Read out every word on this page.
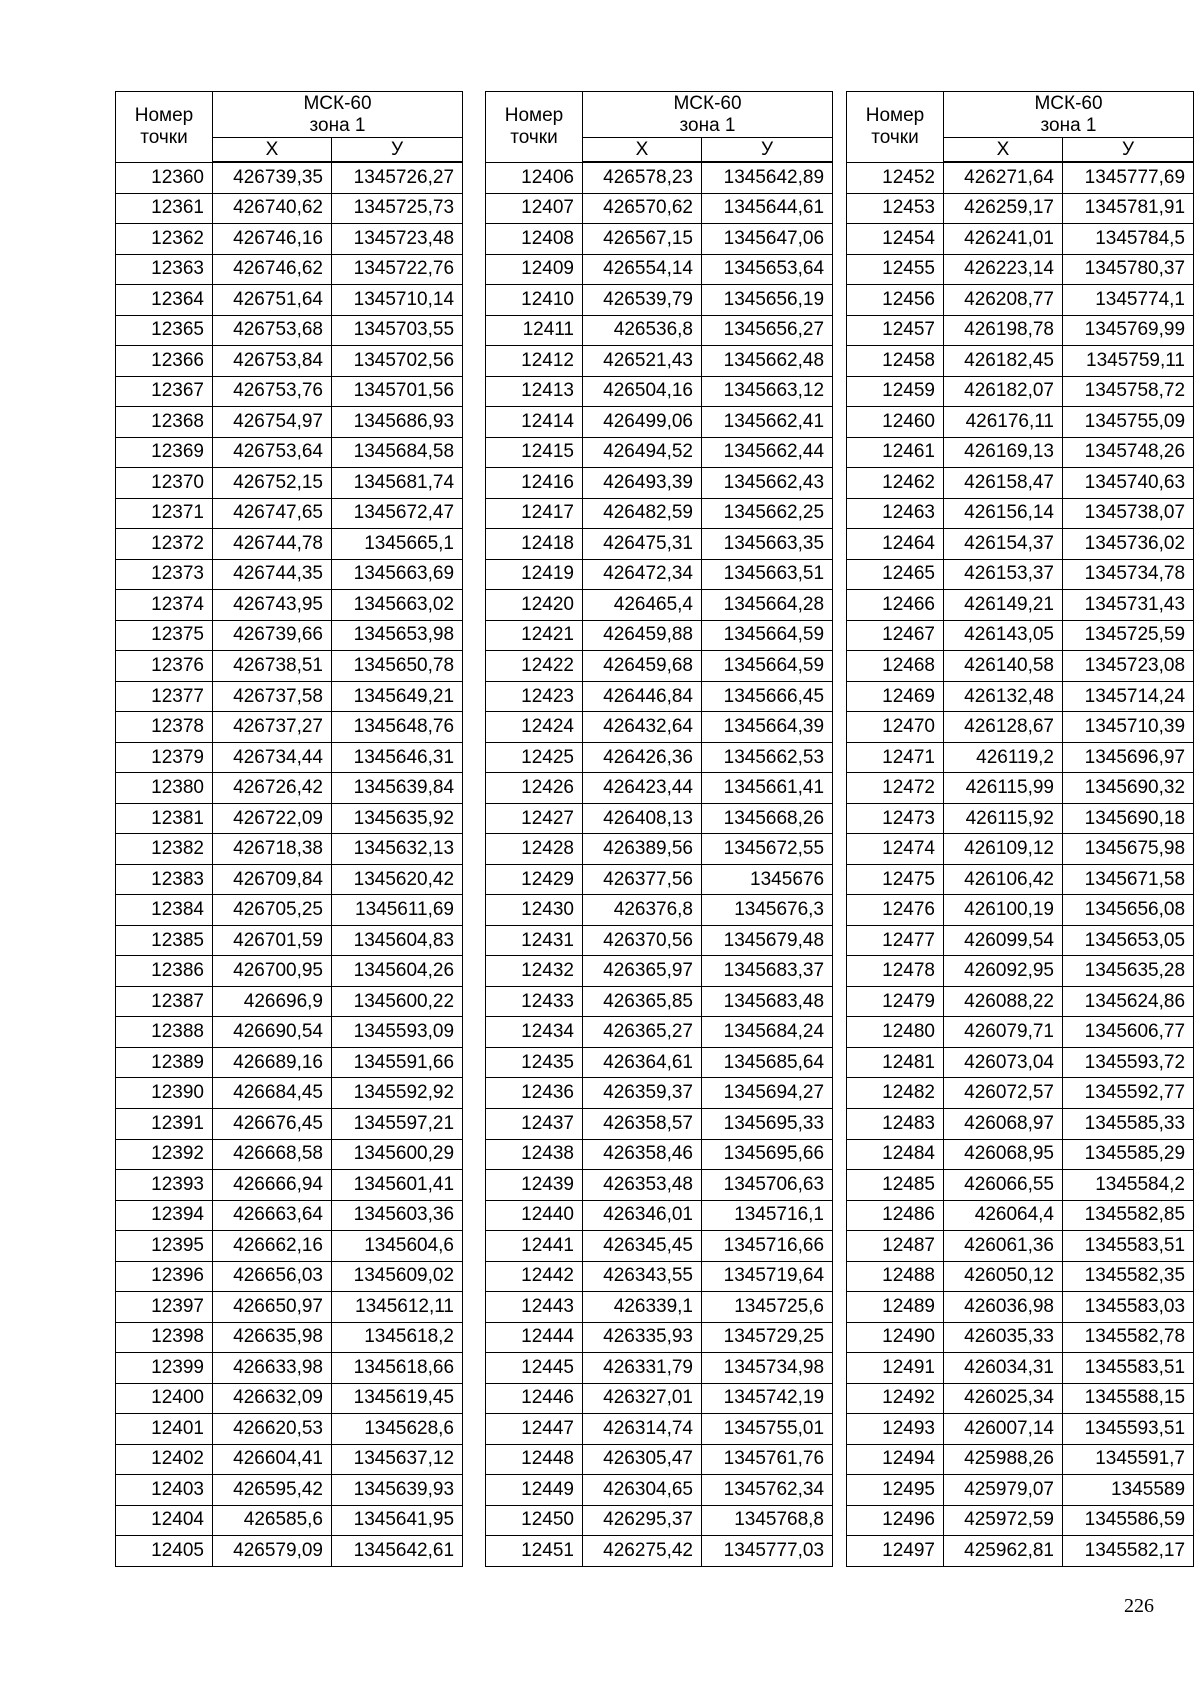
Номер
точки	МСК-60
зона 1	
	X	У
12360	426739,35	1345726,27
12361	426740,62	1345725,73
12362	426746,16	1345723,48
12363	426746,62	1345722,76
12364	426751,64	1345710,14
12365	426753,68	1345703,55
12366	426753,84	1345702,56
12367	426753,76	1345701,56
12368	426754,97	1345686,93
12369	426753,64	1345684,58
12370	426752,15	1345681,74
12371	426747,65	1345672,47
12372	426744,78	1345665,1
12373	426744,35	1345663,69
12374	426743,95	1345663,02
12375	426739,66	1345653,98
12376	426738,51	1345650,78
12377	426737,58	1345649,21
12378	426737,27	1345648,76
12379	426734,44	1345646,31
12380	426726,42	1345639,84
12381	426722,09	1345635,92
12382	426718,38	1345632,13
12383	426709,84	1345620,42
12384	426705,25	1345611,69
12385	426701,59	1345604,83
12386	426700,95	1345604,26
12387	426696,9	1345600,22
12388	426690,54	1345593,09
12389	426689,16	1345591,66
12390	426684,45	1345592,92
12391	426676,45	1345597,21
12392	426668,58	1345600,29
12393	426666,94	1345601,41
12394	426663,64	1345603,36
12395	426662,16	1345604,6
12396	426656,03	1345609,02
12397	426650,97	1345612,11
12398	426635,98	1345618,2
12399	426633,98	1345618,66
12400	426632,09	1345619,45
12401	426620,53	1345628,6
12402	426604,41	1345637,12
12403	426595,42	1345639,93
12404	426585,6	1345641,95
12405	426579,09	1345642,61
Номер
точки	МСК-60
зона 1	
	X	У
12406	426578,23	1345642,89
12407	426570,62	1345644,61
12408	426567,15	1345647,06
12409	426554,14	1345653,64
12410	426539,79	1345656,19
12411	426536,8	1345656,27
12412	426521,43	1345662,48
12413	426504,16	1345663,12
12414	426499,06	1345662,41
12415	426494,52	1345662,44
12416	426493,39	1345662,43
12417	426482,59	1345662,25
12418	426475,31	1345663,35
12419	426472,34	1345663,51
12420	426465,4	1345664,28
12421	426459,88	1345664,59
12422	426459,68	1345664,59
12423	426446,84	1345666,45
12424	426432,64	1345664,39
12425	426426,36	1345662,53
12426	426423,44	1345661,41
12427	426408,13	1345668,26
12428	426389,56	1345672,55
12429	426377,56	1345676
12430	426376,8	1345676,3
12431	426370,56	1345679,48
12432	426365,97	1345683,37
12433	426365,85	1345683,48
12434	426365,27	1345684,24
12435	426364,61	1345685,64
12436	426359,37	1345694,27
12437	426358,57	1345695,33
12438	426358,46	1345695,66
12439	426353,48	1345706,63
12440	426346,01	1345716,1
12441	426345,45	1345716,66
12442	426343,55	1345719,64
12443	426339,1	1345725,6
12444	426335,93	1345729,25
12445	426331,79	1345734,98
12446	426327,01	1345742,19
12447	426314,74	1345755,01
12448	426305,47	1345761,76
12449	426304,65	1345762,34
12450	426295,37	1345768,8
12451	426275,42	1345777,03
Номер
точки	МСК-60
зона 1	
	X	У
12452	426271,64	1345777,69
12453	426259,17	1345781,91
12454	426241,01	1345784,5
12455	426223,14	1345780,37
12456	426208,77	1345774,1
12457	426198,78	1345769,99
12458	426182,45	1345759,11
12459	426182,07	1345758,72
12460	426176,11	1345755,09
12461	426169,13	1345748,26
12462	426158,47	1345740,63
12463	426156,14	1345738,07
12464	426154,37	1345736,02
12465	426153,37	1345734,78
12466	426149,21	1345731,43
12467	426143,05	1345725,59
12468	426140,58	1345723,08
12469	426132,48	1345714,24
12470	426128,67	1345710,39
12471	426119,2	1345696,97
12472	426115,99	1345690,32
12473	426115,92	1345690,18
12474	426109,12	1345675,98
12475	426106,42	1345671,58
12476	426100,19	1345656,08
12477	426099,54	1345653,05
12478	426092,95	1345635,28
12479	426088,22	1345624,86
12480	426079,71	1345606,77
12481	426073,04	1345593,72
12482	426072,57	1345592,77
12483	426068,97	1345585,33
12484	426068,95	1345585,29
12485	426066,55	1345584,2
12486	426064,4	1345582,85
12487	426061,36	1345583,51
12488	426050,12	1345582,35
12489	426036,98	1345583,03
12490	426035,33	1345582,78
12491	426034,31	1345583,51
12492	426025,34	1345588,15
12493	426007,14	1345593,51
12494	425988,26	1345591,7
12495	425979,07	1345589
12496	425972,59	1345586,59
12497	425962,81	1345582,17
226
